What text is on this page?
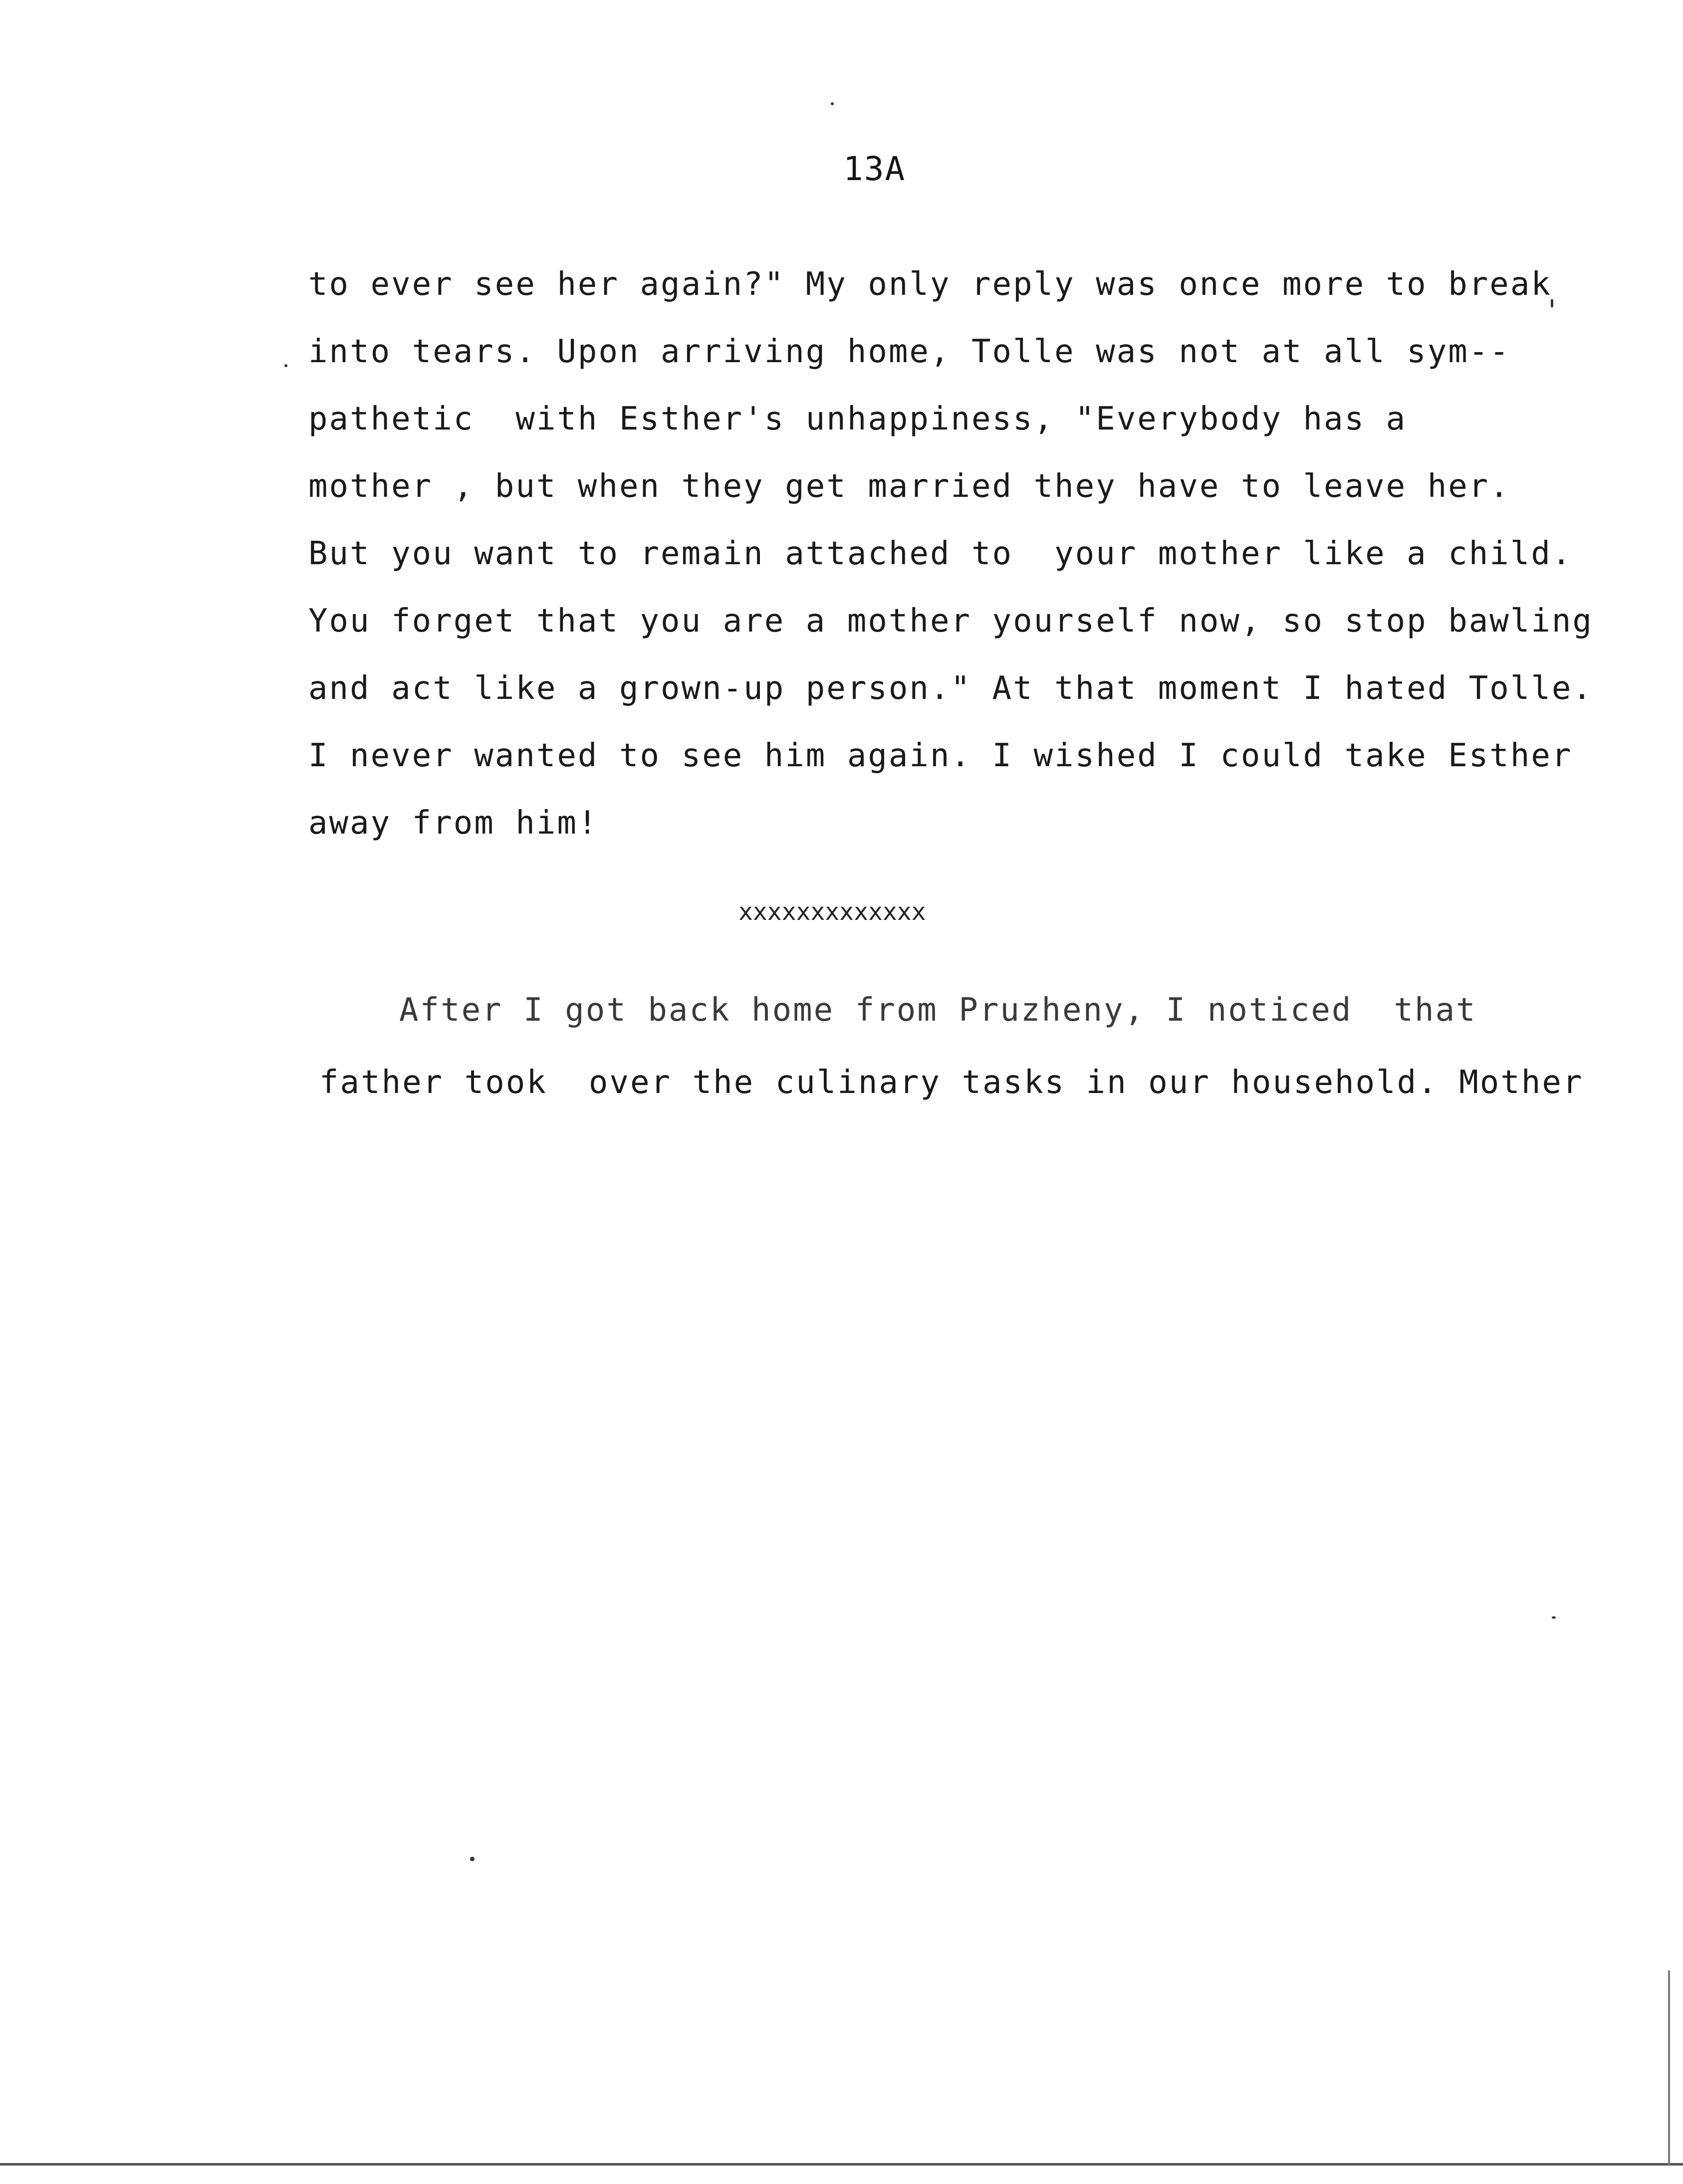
13A
to ever see her again?" My only reply was once more to break
into tears. Upon arriving home, Tolle was not at all sym--
pathetic  with Esther's unhappiness, "Everybody has a
mother , but when they get married they have to leave her.
But you want to remain attached to  your mother like a child.
You forget that you are a mother yourself now, so stop bawling
and act like a grown-up person." At that moment I hated Tolle.
I never wanted to see him again. I wished I could take Esther
away from him!
xxxxxxxxxxxxx
After I got back home from Pruzheny, I noticed  that
father took  over the culinary tasks in our household. Mother
